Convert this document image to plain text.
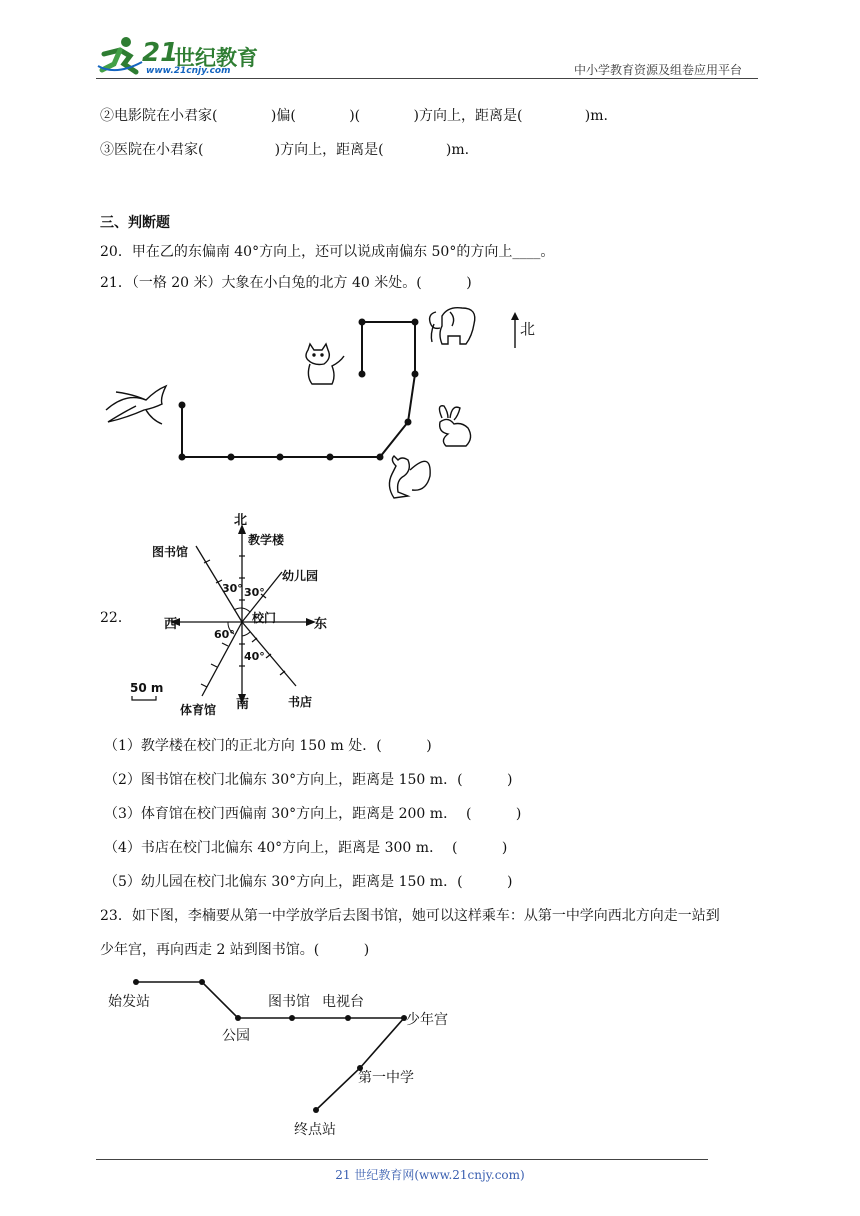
21
世纪教育
www.21cnjy.com	中小学教育资源及组卷应用平台
②电影院在小君家(            )偏(            )(            )方向上，距离是(              )m.
③医院在小君家(                )方向上，距离是(              )m.
三、判断题
20．甲在乙的东偏南 40°方向上，还可以说成南偏东 50°的方向上____。
21．（一格 20 米）大象在小白兔的北方 40 米处。(          )
北
22．
北
教学楼
图书馆
幼儿园
30° 30°
校门
西	东
60°
40°
50 m
南	书店
体育馆
（1）教学楼在校门的正北方向 150 m 处．(          )
（2）图书馆在校门北偏东 30°方向上，距离是 150 m．(          )
（3）体育馆在校门西偏南 30°方向上，距离是 200 m．  (          )
（4）书店在校门北偏东 40°方向上，距离是 300 m．  (          )
（5）幼儿园在校门北偏东 30°方向上，距离是 150 m．(          )
23．如下图，李楠要从第一中学放学后去图书馆，她可以这样乘车：从第一中学向西北方向走一站到
少年宫，再向西走 2 站到图书馆。(          )
始发站
公园
图书馆 电视台
少年宫
第一中学
终点站
21 世纪教育网(www.21cnjy.com)
